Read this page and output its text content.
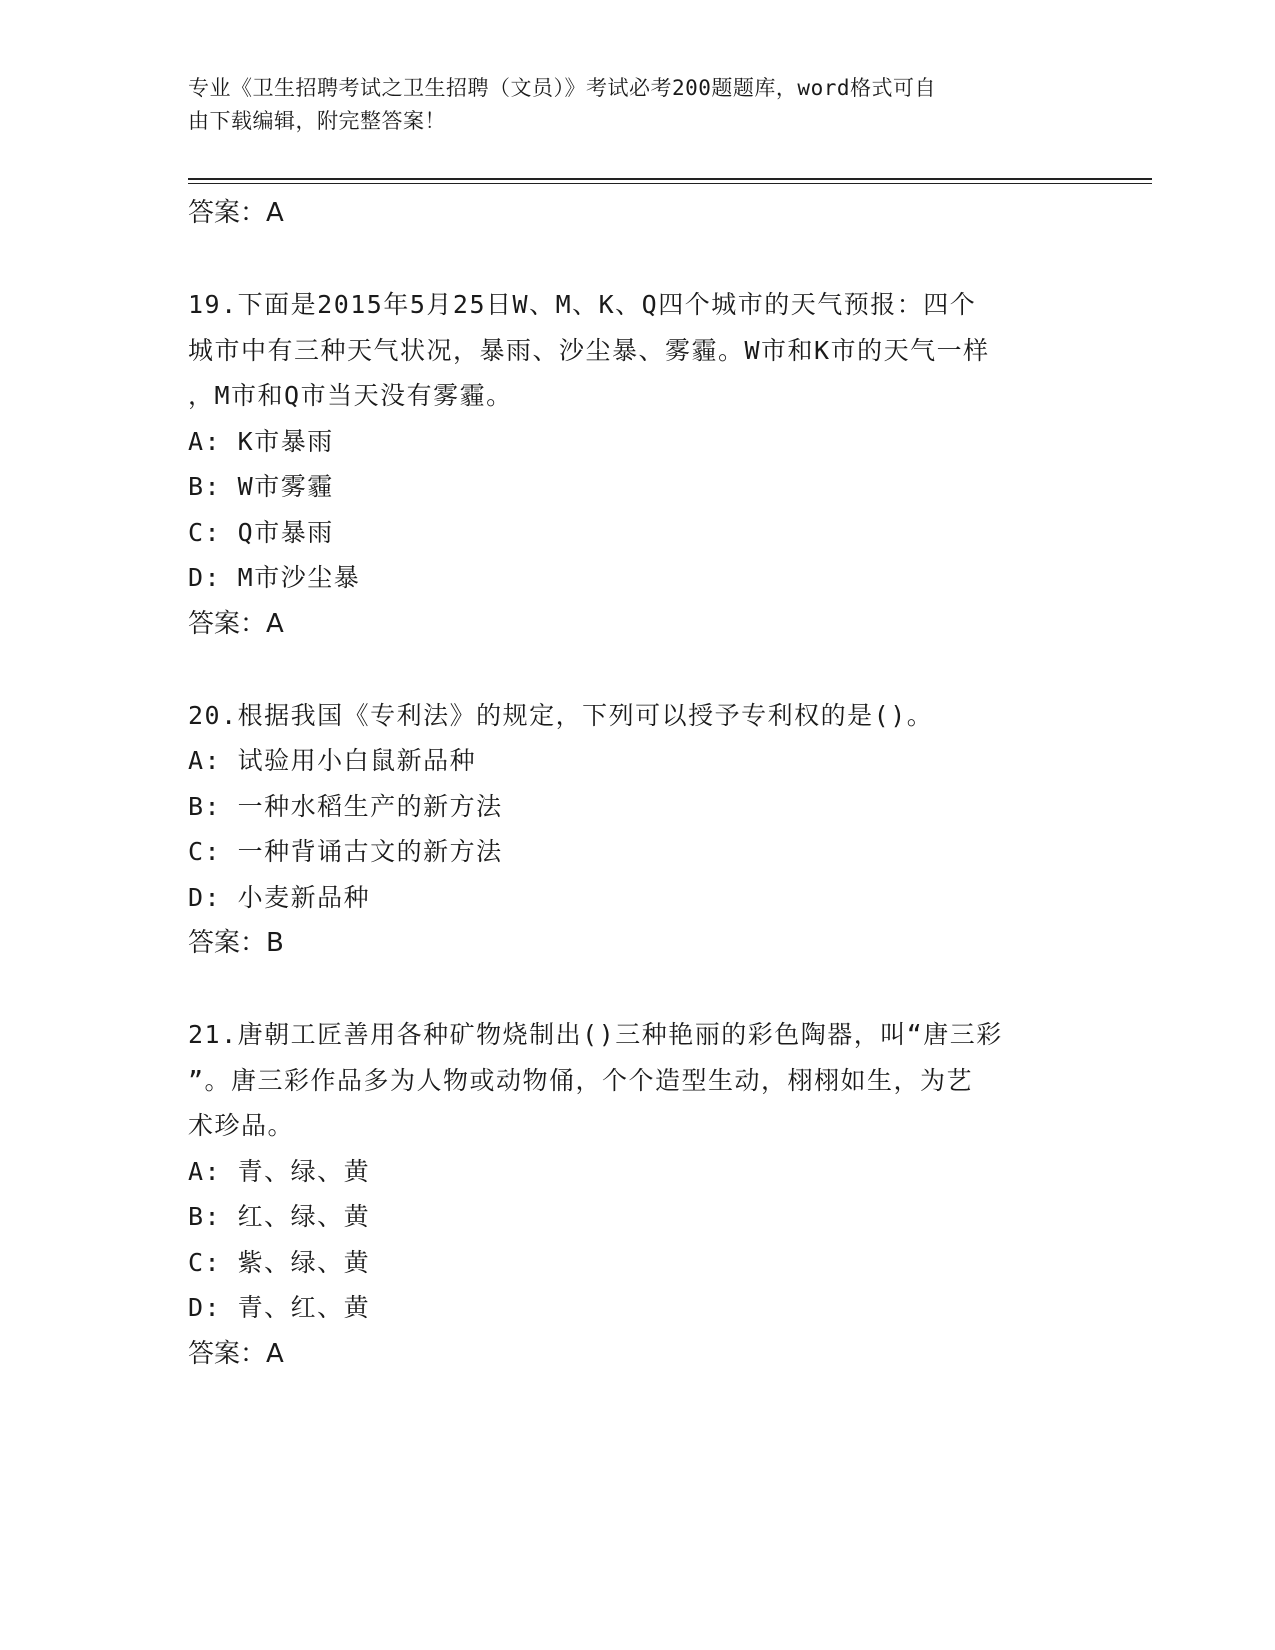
专业《卫生招聘考试之卫生招聘（文员）》考试必考200题题库，word格式可自
由下载编辑，附完整答案！
答案：A
19.下面是2015年5月25日W、M、K、Q四个城市的天气预报：四个
城市中有三种天气状况，暴雨、沙尘暴、雾霾。W市和K市的天气一样
，M市和Q市当天没有雾霾。
A: K市暴雨
B: W市雾霾
C: Q市暴雨
D: M市沙尘暴
答案：A
20.根据我国《专利法》的规定，下列可以授予专利权的是()。
A: 试验用小白鼠新品种
B: 一种水稻生产的新方法
C: 一种背诵古文的新方法
D: 小麦新品种
答案：B
21.唐朝工匠善用各种矿物烧制出()三种艳丽的彩色陶器，叫“唐三彩
”。唐三彩作品多为人物或动物俑，个个造型生动，栩栩如生，为艺
术珍品。
A: 青、绿、黄
B: 红、绿、黄
C: 紫、绿、黄
D: 青、红、黄
答案：A
